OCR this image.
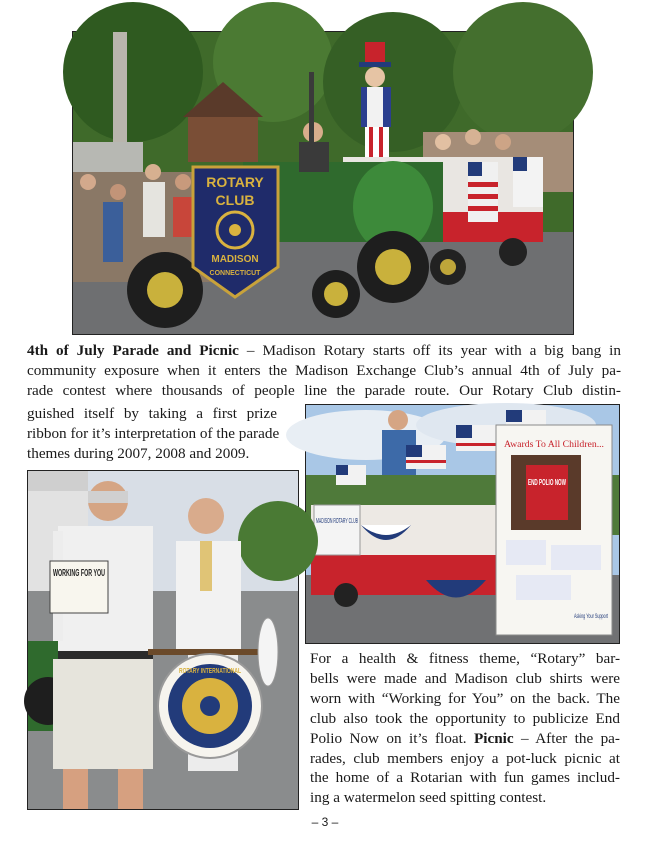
ROTARY
CLUB
MADISON
CONNECTICUT
4th of July Parade and Picnic – Madison Rotary starts off its year with a big bang in
community exposure when it enters the Madison Exchange Club’s annual 4th of July pa-
rade contest where thousands of people line the parade route. Our Rotary Club distin-
guished itself by taking a first prize
ribbon for it’s interpretation of the parade
themes during 2007, 2008 and 2009.
MADISON ROTARY CLUB
Awards To All Children...
END POLIO NOW
Asking Your Support
WORKING FOR YOU
ROTARY INTERNATIONAL
For a health & fitness theme, “Rotary” bar-
bells were made and Madison club shirts were
worn with “Working for You” on the back. The
club also took the opportunity to publicize End
Polio Now on it’s float. Picnic – After the pa-
rades, club members enjoy a pot-luck picnic at
the home of a Rotarian with fun games includ-
ing a watermelon seed spitting contest.
– 3 –
